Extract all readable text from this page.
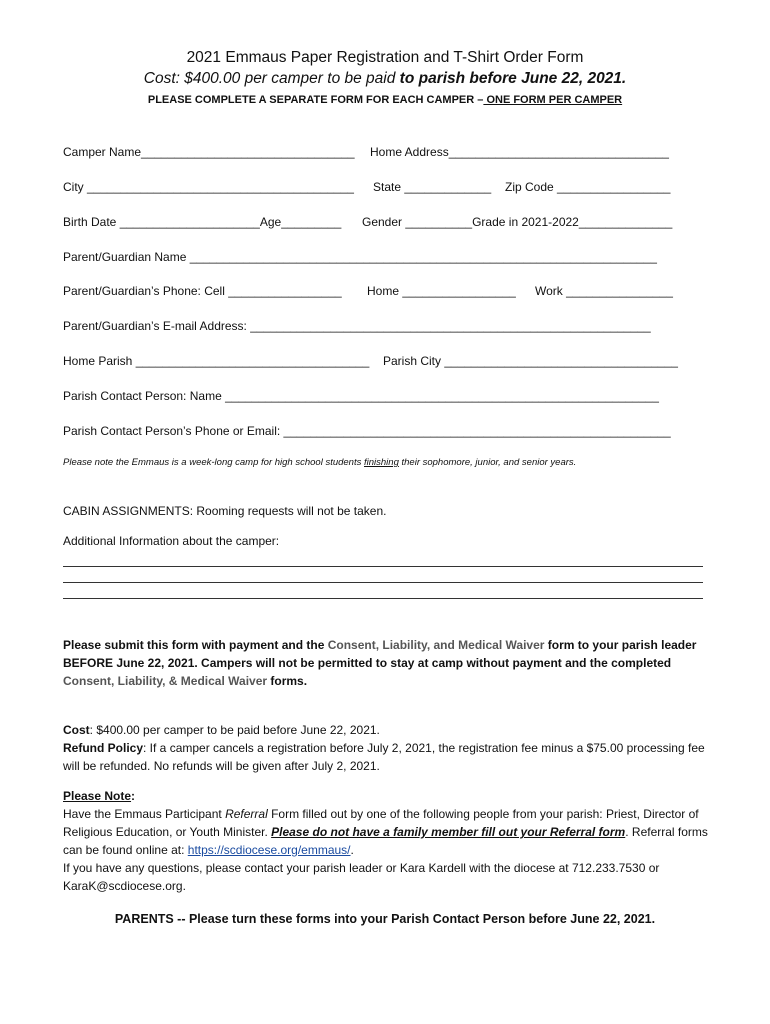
2021 Emmaus Paper Registration and T-Shirt Order Form
Cost: $400.00 per camper to be paid to parish before June 22, 2021.
PLEASE COMPLETE A SEPARATE FORM FOR EACH CAMPER – ONE FORM PER CAMPER
Camper Name________________________________ Home Address_________________________________
City ________________________________________ State _____________ Zip Code _________________
Birth Date _____________________Age_________ Gender __________Grade in 2021-2022______________
Parent/Guardian Name ______________________________________________________________________
Parent/Guardian’s Phone: Cell _________________ Home _________________ Work ________________
Parent/Guardian’s E-mail Address: ____________________________________________________________
Home Parish ___________________________________ Parish City ___________________________________
Parish Contact Person: Name _________________________________________________________________
Parish Contact Person’s Phone or Email: __________________________________________________________
Please note the Emmaus is a week-long camp for high school students finishing their sophomore, junior, and senior years.
CABIN ASSIGNMENTS: Rooming requests will not be taken.
Additional Information about the camper:
Please submit this form with payment and the Consent, Liability, and Medical Waiver form to your parish leader BEFORE June 22, 2021. Campers will not be permitted to stay at camp without payment and the completed Consent, Liability, & Medical Waiver forms.
Cost: $400.00 per camper to be paid before June 22, 2021.
Refund Policy: If a camper cancels a registration before July 2, 2021, the registration fee minus a $75.00 processing fee will be refunded. No refunds will be given after July 2, 2021.
Please Note:
Have the Emmaus Participant Referral Form filled out by one of the following people from your parish: Priest, Director of Religious Education, or Youth Minister. Please do not have a family member fill out your Referral form. Referral forms can be found online at: https://scdiocese.org/emmaus/.
If you have any questions, please contact your parish leader or Kara Kardell with the diocese at 712.233.7530 or KaraK@scdiocese.org.
PARENTS -- Please turn these forms into your Parish Contact Person before June 22, 2021.
